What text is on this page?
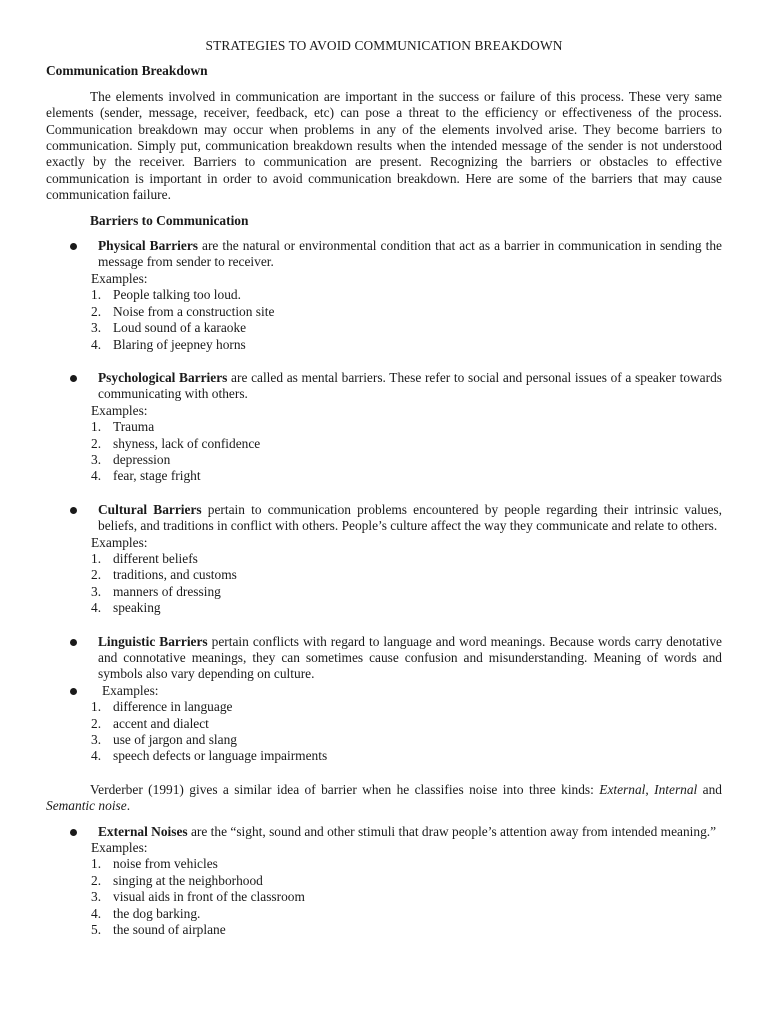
STRATEGIES TO AVOID COMMUNICATION BREAKDOWN
Communication Breakdown
The elements involved in communication are important in the success or failure of this process. These very same elements (sender, message, receiver, feedback, etc) can pose a threat to the efficiency or effectiveness of the process. Communication breakdown may occur when problems in any of the elements involved arise. They become barriers to communication. Simply put, communication breakdown results when the intended message of the sender is not understood exactly by the receiver. Barriers to communication are present. Recognizing the barriers or obstacles to effective communication is important in order to avoid communication breakdown. Here are some of the barriers that may cause communication failure.
Barriers to Communication
Physical Barriers are the natural or environmental condition that act as a barrier in communication in sending the message from sender to receiver.
Examples:
1. People talking too loud.
2. Noise from a construction site
3. Loud sound of a karaoke
4. Blaring of jeepney horns
Psychological Barriers are called as mental barriers. These refer to social and personal issues of a speaker towards communicating with others.
Examples:
1. Trauma
2. shyness, lack of confidence
3. depression
4. fear, stage fright
Cultural Barriers pertain to communication problems encountered by people regarding their intrinsic values, beliefs, and traditions in conflict with others. People’s culture affect the way they communicate and relate to others.
Examples:
1. different beliefs
2. traditions, and customs
3. manners of dressing
4. speaking
Linguistic Barriers pertain conflicts with regard to language and word meanings. Because words carry denotative and connotative meanings, they can sometimes cause confusion and misunderstanding. Meaning of words and symbols also vary depending on culture.
Examples:
1. difference in language
2. accent and dialect
3. use of jargon and slang
4. speech defects or language impairments
Verderber (1991) gives a similar idea of barrier when he classifies noise into three kinds: External, Internal and Semantic noise.
External Noises are the “sight, sound and other stimuli that draw people’s attention away from intended meaning.”
Examples:
1. noise from vehicles
2. singing at the neighborhood
3. visual aids in front of the classroom
4. the dog barking.
5. the sound of airplane
